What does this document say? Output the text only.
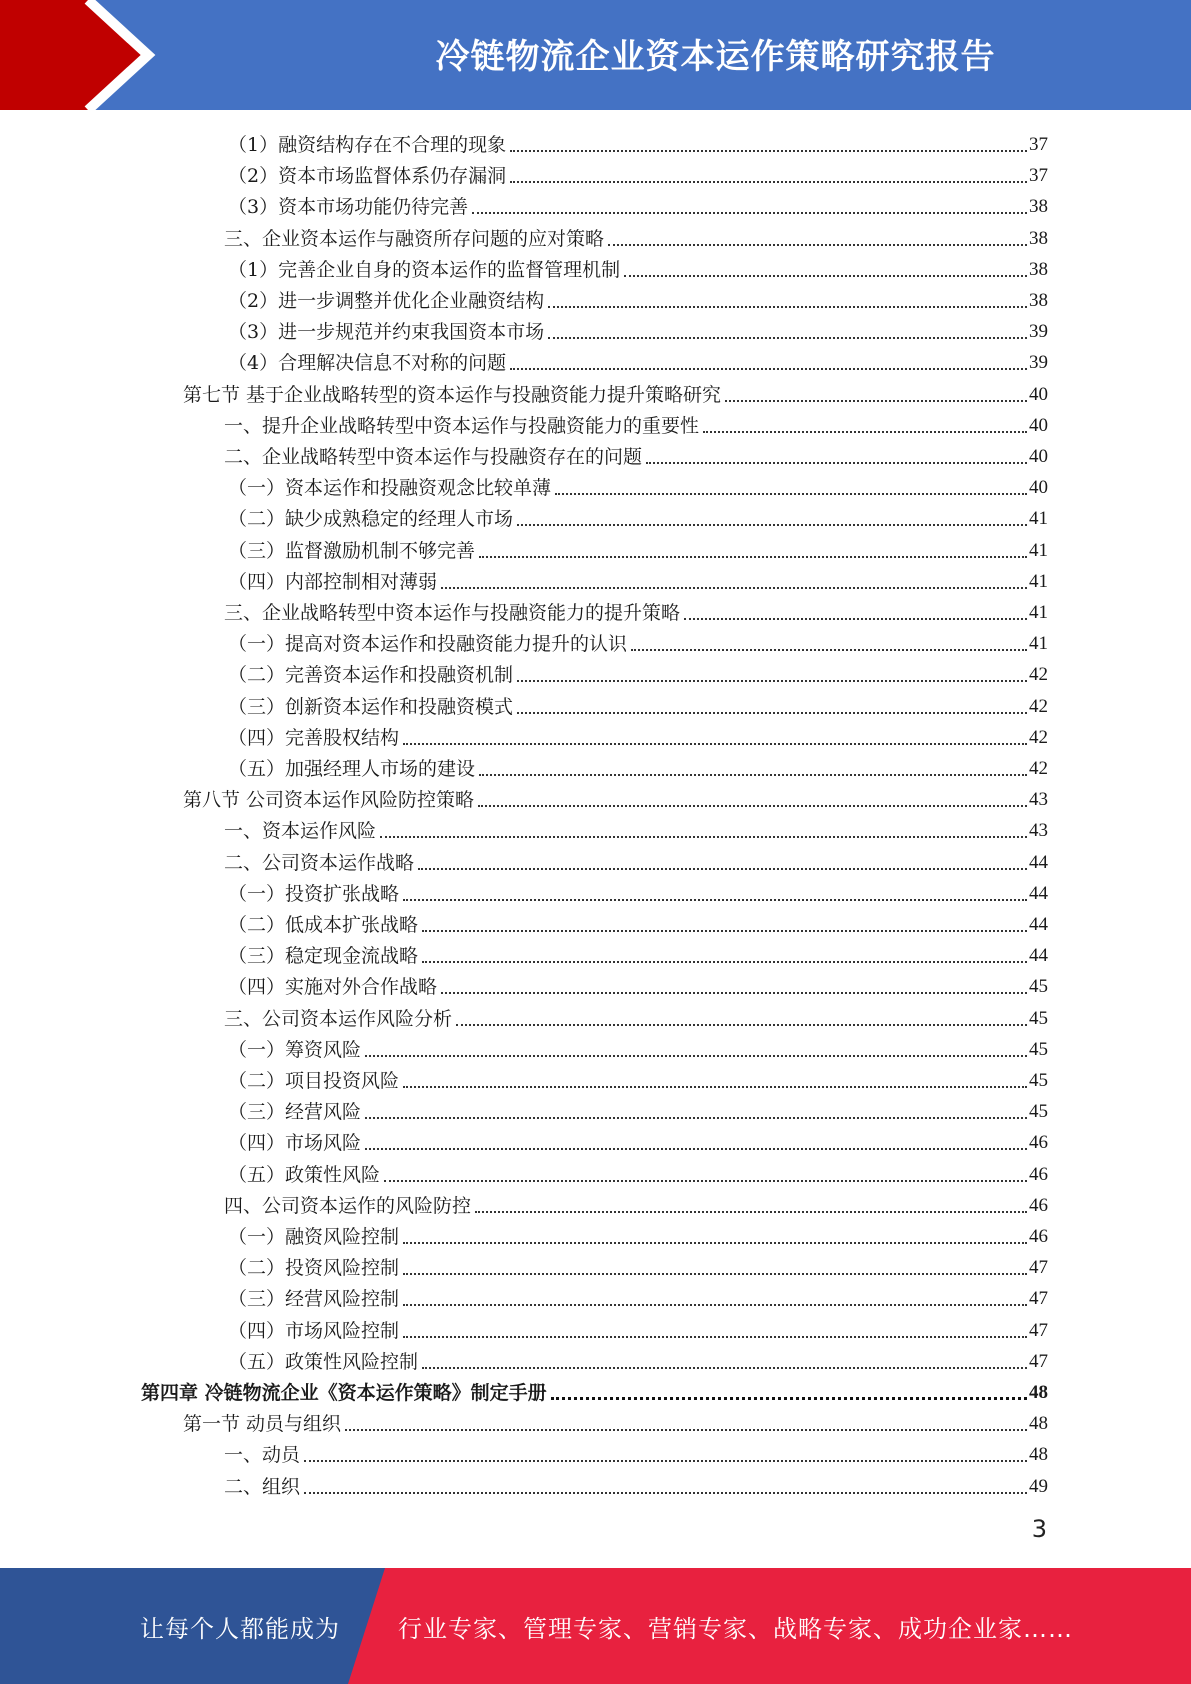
冷链物流企业资本运作策略研究报告
（1）融资结构存在不合理的现象	37
（2）资本市场监督体系仍存漏洞	37
（3）资本市场功能仍待完善	38
三、企业资本运作与融资所存问题的应对策略	38
（1）完善企业自身的资本运作的监督管理机制	38
（2）进一步调整并优化企业融资结构	38
（3）进一步规范并约束我国资本市场	39
（4）合理解决信息不对称的问题	39
第七节 基于企业战略转型的资本运作与投融资能力提升策略研究	40
一、提升企业战略转型中资本运作与投融资能力的重要性	40
二、企业战略转型中资本运作与投融资存在的问题	40
（一）资本运作和投融资观念比较单薄	40
（二）缺少成熟稳定的经理人市场	41
（三）监督激励机制不够完善	41
（四）内部控制相对薄弱	41
三、企业战略转型中资本运作与投融资能力的提升策略	41
（一）提高对资本运作和投融资能力提升的认识	41
（二）完善资本运作和投融资机制	42
（三）创新资本运作和投融资模式	42
（四）完善股权结构	42
（五）加强经理人市场的建设	42
第八节 公司资本运作风险防控策略	43
一、资本运作风险	43
二、公司资本运作战略	44
（一）投资扩张战略	44
（二）低成本扩张战略	44
（三）稳定现金流战略	44
（四）实施对外合作战略	45
三、公司资本运作风险分析	45
（一）筹资风险	45
（二）项目投资风险	45
（三）经营风险	45
（四）市场风险	46
（五）政策性风险	46
四、公司资本运作的风险防控	46
（一）融资风险控制	46
（二）投资风险控制	47
（三）经营风险控制	47
（四）市场风险控制	47
（五）政策性风险控制	47
第四章 冷链物流企业《资本运作策略》制定手册	48
第一节 动员与组织	48
一、动员	48
二、组织	49
3
让每个人都能成为 行业专家、管理专家、营销专家、战略专家、成功企业家……
